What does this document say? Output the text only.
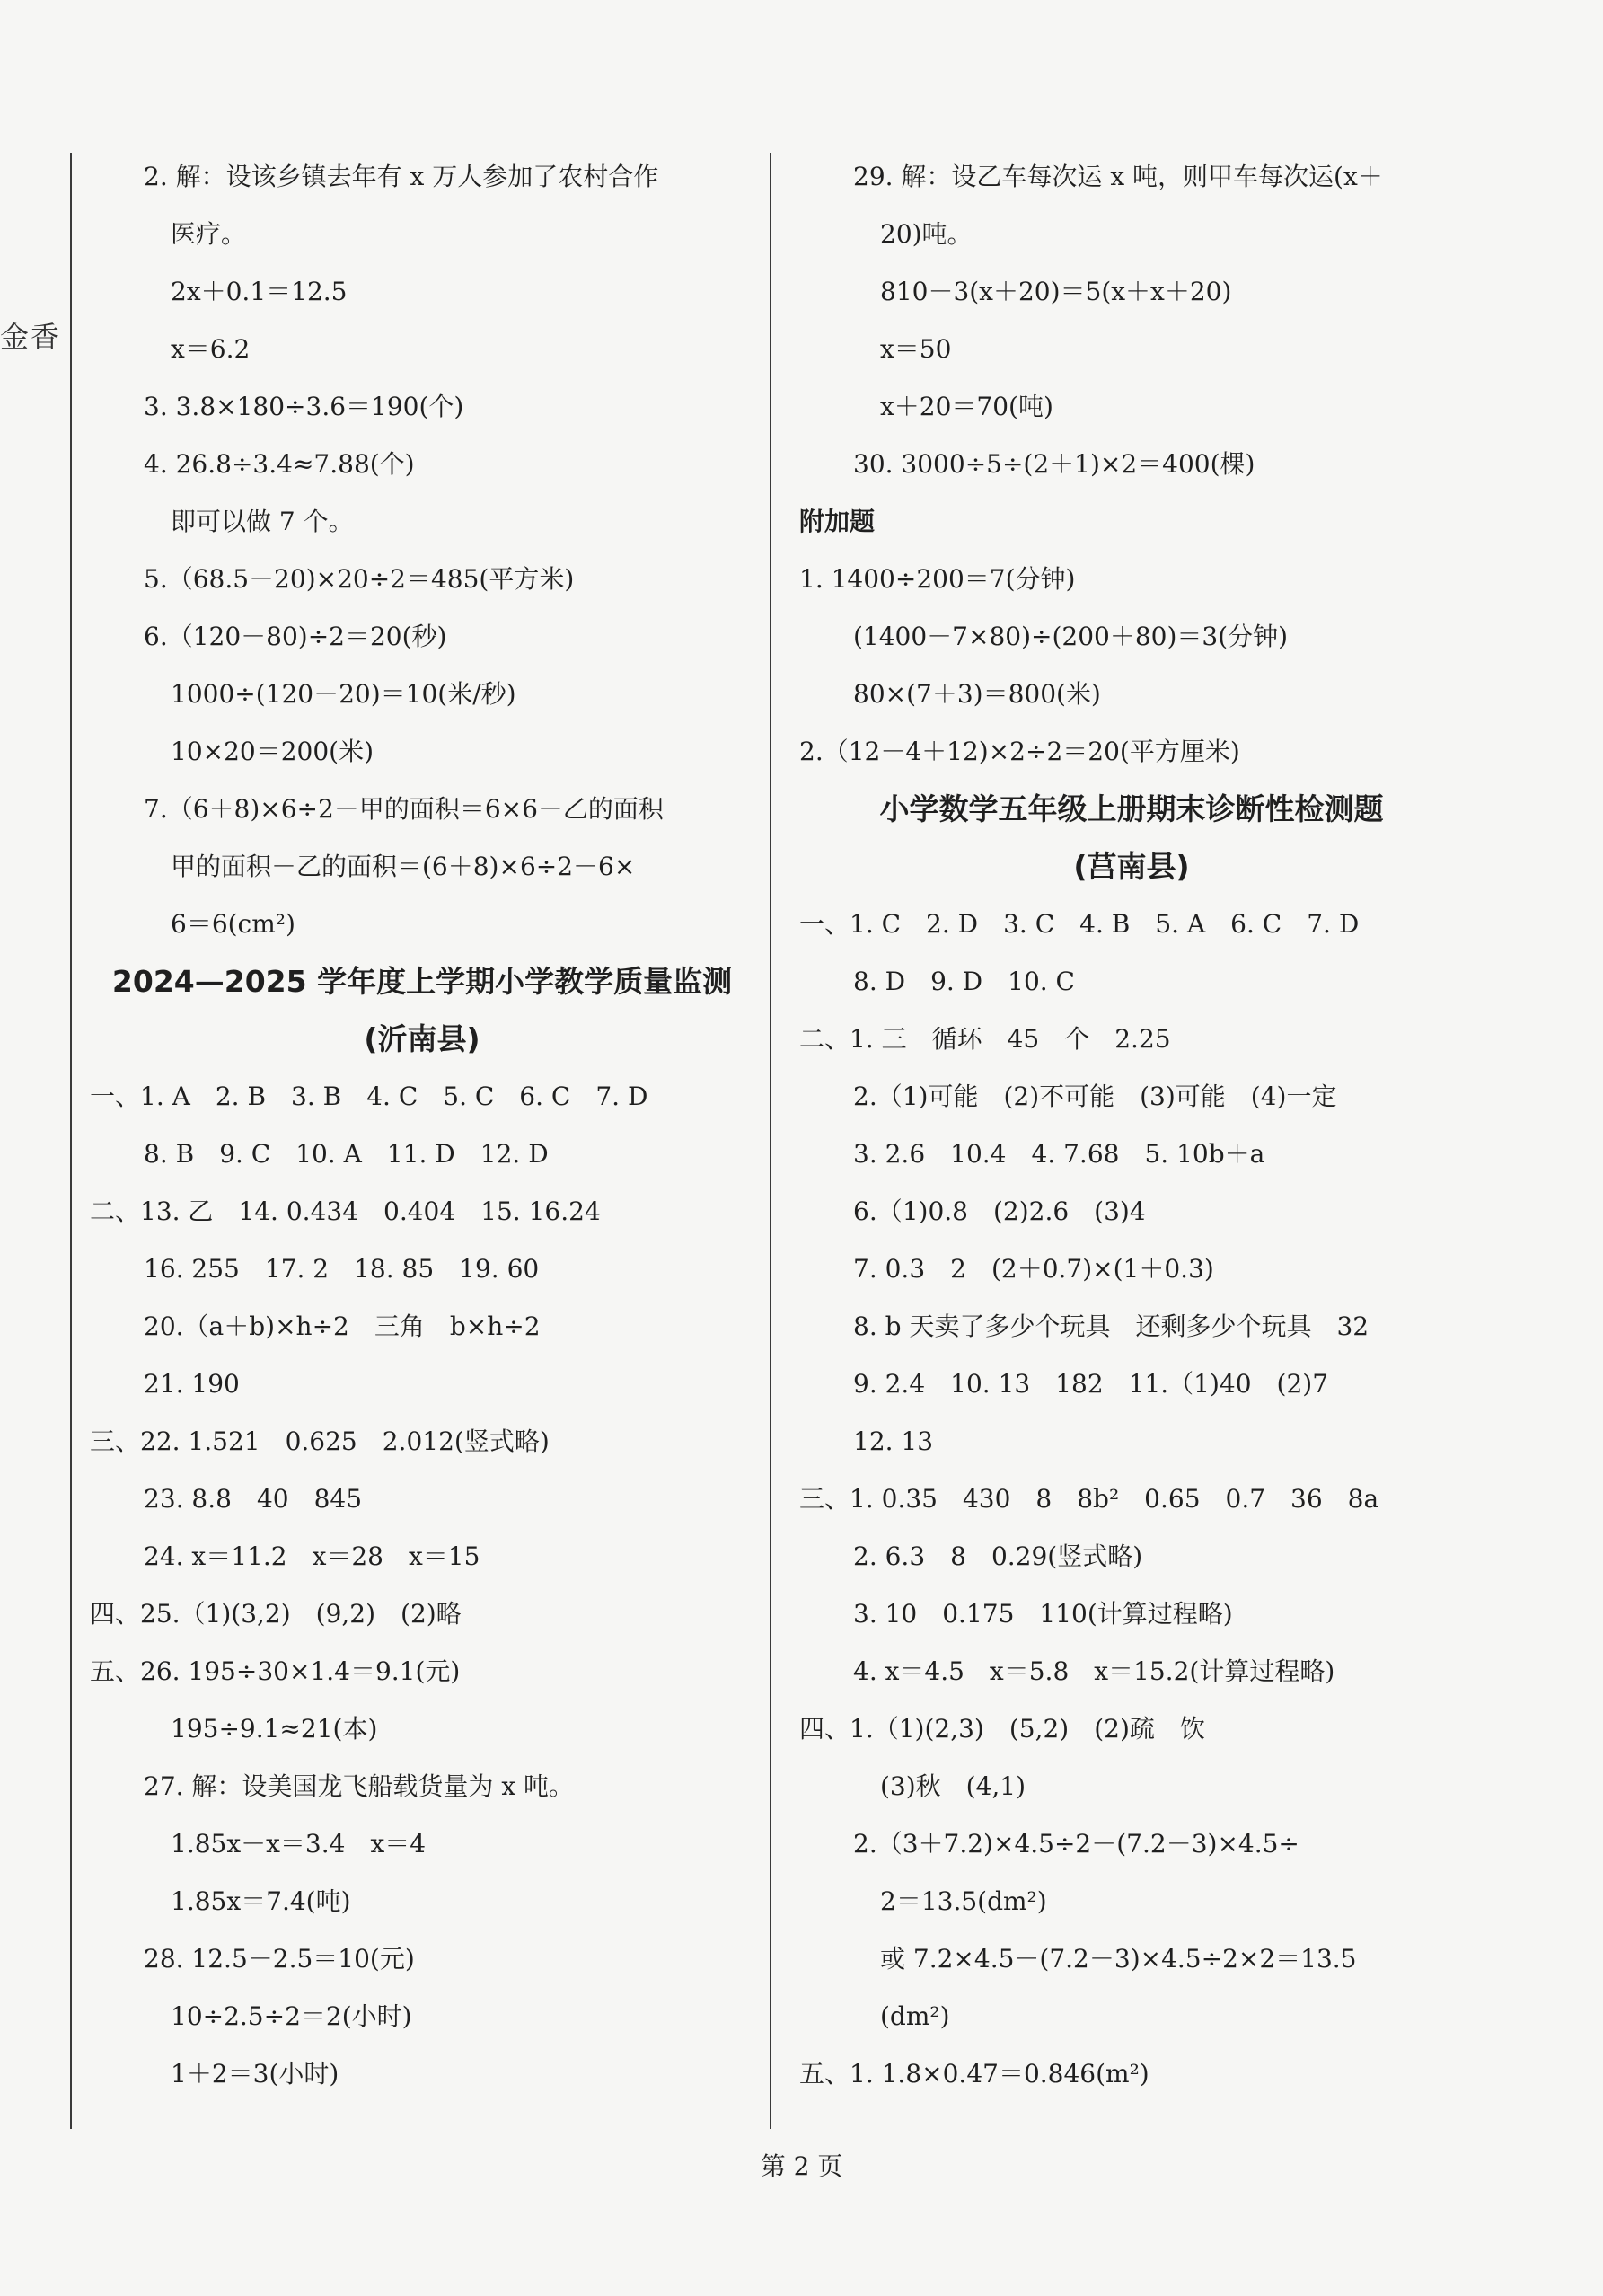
金香
2. 解：设该乡镇去年有 x 万人参加了农村合作
医疗。
2x＋0.1＝12.5
x＝6.2
3. 3.8×180÷3.6＝190(个)
4. 26.8÷3.4≈7.88(个)
即可以做 7 个。
5.（68.5－20)×20÷2＝485(平方米)
6.（120－80)÷2＝20(秒)
1000÷(120－20)＝10(米/秒)
10×20＝200(米)
7.（6＋8)×6÷2－甲的面积＝6×6－乙的面积
甲的面积－乙的面积＝(6＋8)×6÷2－6×
6＝6(cm²)
2024—2025 学年度上学期小学教学质量监测
(沂南县)
一、1. A　2. B　3. B　4. C　5. C　6. C　7. D
8. B　9. C　10. A　11. D　12. D
二、13. 乙　14. 0.434　0.404　15. 16.24
16. 255　17. 2　18. 85　19. 60
20.（a＋b)×h÷2　三角　b×h÷2
21. 190
三、22. 1.521　0.625　2.012(竖式略)
23. 8.8　40　845
24. x＝11.2　x＝28　x＝15
四、25.（1)(3,2)　(9,2)　(2)略
五、26. 195÷30×1.4＝9.1(元)
195÷9.1≈21(本)
27. 解：设美国龙飞船载货量为 x 吨。
1.85x－x＝3.4　x＝4
1.85x＝7.4(吨)
28. 12.5－2.5＝10(元)
10÷2.5÷2＝2(小时)
1＋2＝3(小时)
29. 解：设乙车每次运 x 吨，则甲车每次运(x＋
20)吨。
810－3(x＋20)＝5(x＋x＋20)
x＝50
x＋20＝70(吨)
30. 3000÷5÷(2＋1)×2＝400(棵)
附加题
1. 1400÷200＝7(分钟)
(1400－7×80)÷(200＋80)＝3(分钟)
80×(7＋3)＝800(米)
2.（12－4＋12)×2÷2＝20(平方厘米)
小学数学五年级上册期末诊断性检测题
(莒南县)
一、1. C　2. D　3. C　4. B　5. A　6. C　7. D
8. D　9. D　10. C
二、1. 三　循环　45　个　2.25
2.（1)可能　(2)不可能　(3)可能　(4)一定
3. 2.6　10.4　4. 7.68　5. 10b＋a
6.（1)0.8　(2)2.6　(3)4
7. 0.3　2　(2＋0.7)×(1＋0.3)
8. b 天卖了多少个玩具　还剩多少个玩具　32
9. 2.4　10. 13　182　11.（1)40　(2)7
12. 13
三、1. 0.35　430　8　8b²　0.65　0.7　36　8a
2. 6.3　8　0.29(竖式略)
3. 10　0.175　110(计算过程略)
4. x＝4.5　x＝5.8　x＝15.2(计算过程略)
四、1.（1)(2,3)　(5,2)　(2)疏　饮
(3)秋　(4,1)
2.（3＋7.2)×4.5÷2－(7.2－3)×4.5÷
2＝13.5(dm²)
或 7.2×4.5－(7.2－3)×4.5÷2×2＝13.5
(dm²)
五、1. 1.8×0.47＝0.846(m²)
第 2 页
